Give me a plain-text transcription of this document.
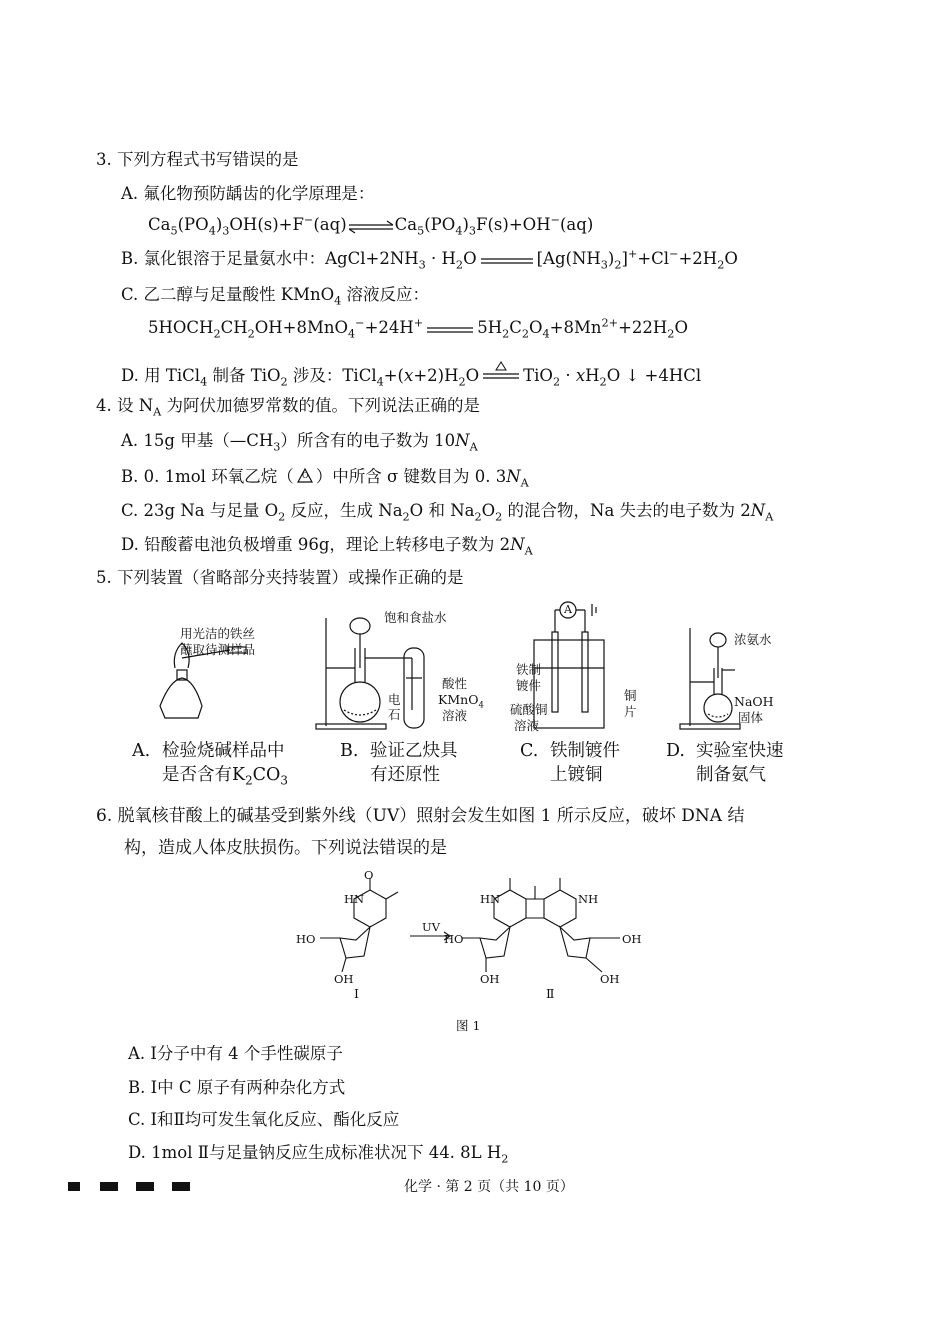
3. 下列方程式书写错误的是
A. 氟化物预防龋齿的化学原理是：
$Ca_5(PO_4)_3OH(s)+F^-(aq)$	$Ca_5(PO_4)_3F(s)+OH^-(aq)$
B. 氯化银溶于足量氨水中：$AgCl+2NH_3 \cdot H_2O$	$[Ag(NH_3)_2]^++Cl^-+2H_2O$
C. 乙二醇与足量酸性 KMnO$_4$ 溶液反应：
$5HOCH_2CH_2OH+8MnO_4^-+24H^+$	$5H_2C_2O_4+8Mn^{2+}+22H_2O$
D. 用 TiCl$_4$ 制备 TiO$_2$ 涉及：$TiCl_4+(x+2)H_2O$	$TiO_2 \cdot xH_2O$ ↓ +4HCl
4. 设 $N_A$ 为阿伏加德罗常数的值。下列说法正确的是
A. 15g 甲基$(—CH_3)$所含有的电子数为 $10N_A$
B. 0. 1mol 环氧乙烷（ O ）中所含 σ 键数目为 0. $3N_A$
C. 23g Na 与足量 $O_2$ 反应，生成 $Na_2O$ 和 $Na_2O_2$ 的混合物，Na 失去的电子数为 $2N_A$
D. 铅酸蓄电池负极增重 96g，理论上转移电子数为 $2N_A$
5. 下列装置（省略部分夹持装置）或操作正确的是
用光洁的铁丝
蘸取待测样品
饱和食盐水
电
石
酸性
KMnO$_4$
溶液
A
铁制
镀件
硫酸铜
溶液
铜
片
浓氨水
NaOH
固体
A. 检验烧碱样品中
是否含有$K_2CO_3$
B. 验证乙炔具
有还原性
C. 铁制镀件
上镀铜
D. 实验室快速
制备氨气
6. 脱氧核苷酸上的碱基受到紫外线（UV）照射会发生如图 1 所示反应，破坏 DNA 结
构，造成人体皮肤损伤。下列说法错误的是
UV
HO
OH
HN
O
HO
OH	OH
OH
HN	NH
Ⅰ	Ⅱ
图 1
A. Ⅰ分子中有 4 个手性碳原子
B. Ⅰ中 C 原子有两种杂化方式
C. Ⅰ和Ⅱ均可发生氧化反应、酯化反应
D. 1mol Ⅱ与足量钠反应生成标准状况下 44. 8L $H_2$
化学 · 第 2 页（共 10 页）
